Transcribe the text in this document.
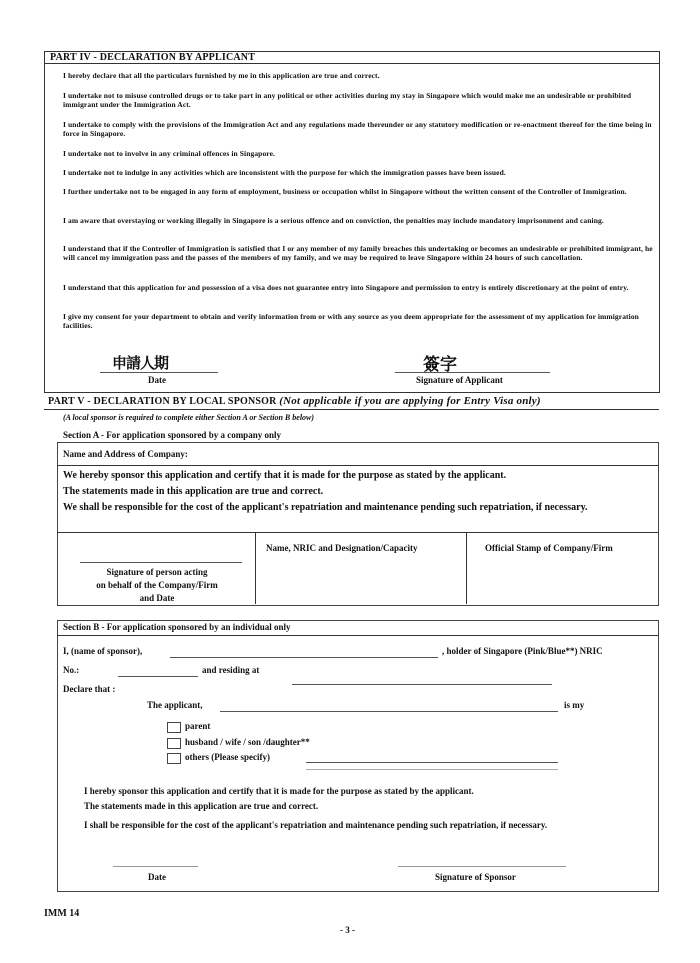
PART IV - DECLARATION BY APPLICANT
I hereby declare that all the particulars furnished by me in this application are true and correct.
I undertake not to misuse controlled drugs or to take part in any political or other activities during my stay in Singapore which would make me an undesirable or prohibited immigrant under the Immigration Act.
I undertake to comply with the provisions of the Immigration Act and any regulations made thereunder or any statutory modification or re-enactment thereof for the time being in force in Singapore.
I undertake not to involve in any criminal offences in Singapore.
I undertake not to indulge in any activities which are inconsistent with the purpose for which the immigration passes have been issued.
I further undertake not to be engaged in any form of employment, business or occupation whilst in Singapore without the written consent of the Controller of Immigration.
I am aware that overstaying or working illegally in Singapore is a serious offence and on conviction, the penalties may include mandatory imprisonment and caning.
I understand that if the Controller of Immigration is satisfied that I or any member of my family breaches this undertaking or becomes an undesirable or prohibited immigrant, he will cancel my immigration pass and the passes of the members of my family, and we may be required to leave Singapore within 24 hours of such cancellation.
I understand that this application for and possession of a visa does not guarantee entry into Singapore and permission to entry is entirely discretionary at the point of entry.
I give my consent for your department to obtain and verify information from or with any source as you deem appropriate for the assessment of my application for immigration facilities.
申請人期
Date
簽字
Signature of Applicant
PART V - DECLARATION BY LOCAL SPONSOR (Not applicable if you are applying for Entry Visa only)
(A local sponsor is required to complete either Section A or Section B below)
Section A - For application sponsored by a company only
Name and Address of Company:
We hereby sponsor this application and certify that it is made for the purpose as stated by the applicant.
The statements made in this application are true and correct.
We shall be responsible for the cost of the applicant's repatriation and maintenance pending such repatriation, if necessary.
Signature of person acting
on behalf of the Company/Firm
and Date
Name, NRIC and Designation/Capacity	Official Stamp of Company/Firm
Section B - For application sponsored by an individual only
I, (name of sponsor),	, holder of Singapore (Pink/Blue**) NRIC
No.:	and residing at
Declare that :
The applicant,	is my
parent
husband / wife / son /daughter**
others (Please specify)
I hereby sponsor this application and certify that it is made for the purpose as stated by the applicant.
The statements made in this application are true and correct.
I shall be responsible for the cost of the applicant's repatriation and maintenance pending such repatriation, if necessary.
Date	Signature of Sponsor
IMM 14
- 3 -
